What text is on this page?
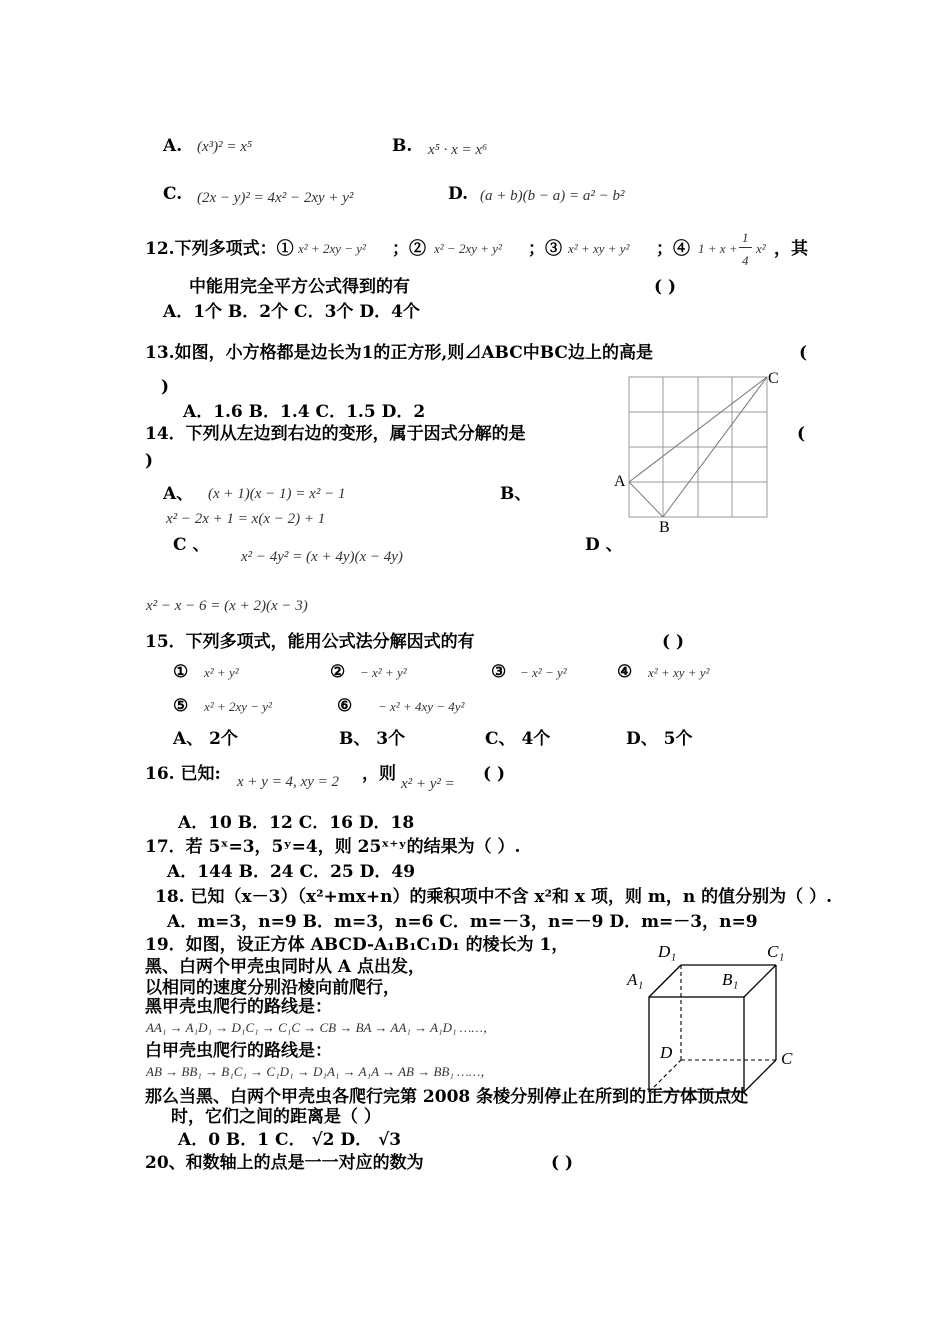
A. (x³)² = x⁵	B. x⁵ · x = x⁶
C. (2x − y)² = 4x² − 2xy + y²	D. (a + b)(b − a) = a² − b²
12.下列多项式：① x² + 2xy − y² ；② x² − 2xy + y² ；③ x² + xy + y² ；④ 1 + x +
1
4
x² ，其
中能用完全平方公式得到的有	( )
A．1个 B．2个 C．3个 D．4个
13.如图，小方格都是边长为1的正方形,则⊿ABC中BC边上的高是	(
)
A．1.6 B．1.4 C．1.5 D．2
A
B
C
14．下列从左边到右边的变形，属于因式分解的是	(
)
A、 (x + 1)(x − 1) = x² − 1	B、
x² − 2x + 1 = x(x − 2) + 1
C 、
x² − 4y² = (x + 4y)(x − 4y)
D 、
x² − x − 6 = (x + 2)(x − 3)
15．下列多项式，能用公式法分解因式的有	( )
① x² + y²	② − x² + y²	③ − x² − y²	④ x² + xy + y²
⑤ x² + 2xy − y²	⑥ − x² + 4xy − 4y²
A、 2个	B、 3个	C、 4个	D、 5个
16. 已知: x + y = 4, xy = 2 ，则 x² + y² = ( )
A．10 B．12 C．16 D．18
17．若 5ˣ=3，5ʸ=4，则 25ˣ⁺ʸ的结果为（ ）.
A．144 B．24 C．25 D．49
18. 已知（x－3）（x²+mx+n）的乘积项中不含 x²和 x 项，则 m，n 的值分别为（ ）.
A．m=3，n=9 B．m=3，n=6 C．m=－3，n=－9 D．m=－3，n=9
19．如图，设正方体 ABCD-A₁B₁C₁D₁ 的棱长为 1，
黑、白两个甲壳虫同时从 A 点出发，
以相同的速度分别沿棱向前爬行，
黑甲壳虫爬行的路线是：
AA₁ → A₁D₁ → D₁C₁ → C₁C → CB → BA → AA₁ → A₁D₁ ……，
白甲壳虫爬行的路线是：
AB → BB₁ → B₁C₁ → C₁D₁ → D₁A₁ → A₁A → AB → BB₁ ……，
那么当黑、白两个甲壳虫各爬行完第 2008 条棱分别停止在所到的正方体顶点处
时，它们之间的距离是（ ）
A．0 B．1 C． √2 D． √3
D₁	C₁
A₁	B₁
D	C
20、和数轴上的点是一一对应的数为	( )
